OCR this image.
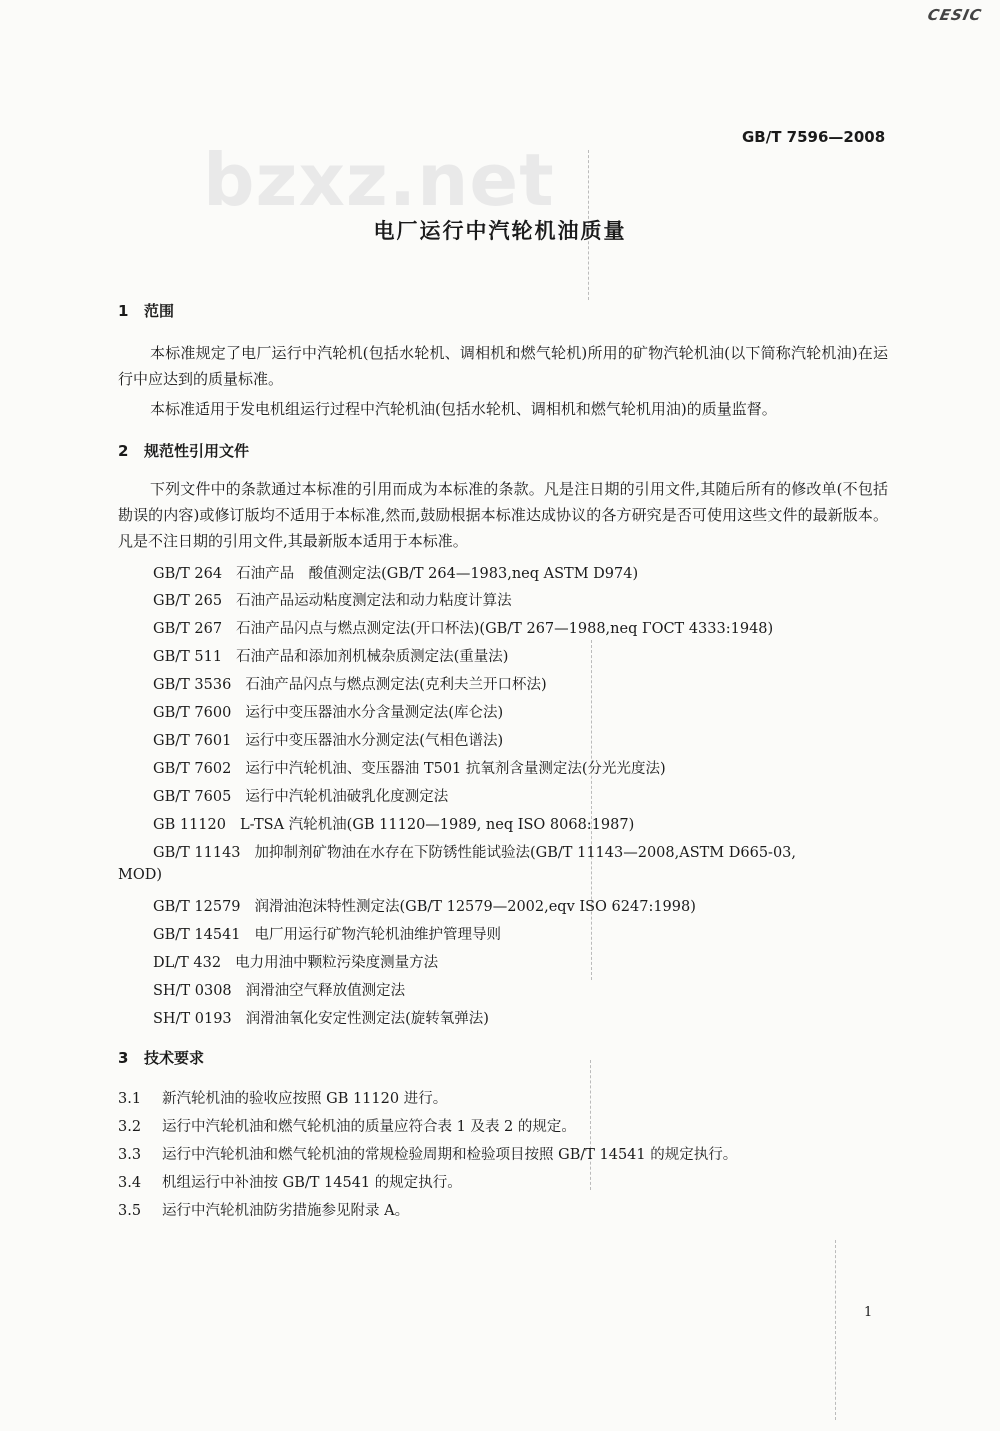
bzxz.net
CESIC
GB/T 7596—2008
电厂运行中汽轮机油质量
1 范围
本标准规定了电厂运行中汽轮机(包括水轮机、调相机和燃气轮机)所用的矿物汽轮机油(以下简称汽轮机油)在运行中应达到的质量标准。
本标准适用于发电机组运行过程中汽轮机油(包括水轮机、调相机和燃气轮机用油)的质量监督。
2 规范性引用文件
下列文件中的条款通过本标准的引用而成为本标准的条款。凡是注日期的引用文件,其随后所有的修改单(不包括勘误的内容)或修订版均不适用于本标准,然而,鼓励根据本标准达成协议的各方研究是否可使用这些文件的最新版本。凡是不注日期的引用文件,其最新版本适用于本标准。
GB/T 264 石油产品　酸值测定法(GB/T 264—1983,neq ASTM D974)
GB/T 265 石油产品运动粘度测定法和动力粘度计算法
GB/T 267 石油产品闪点与燃点测定法(开口杯法)(GB/T 267—1988,neq ГОСТ 4333:1948)
GB/T 511 石油产品和添加剂机械杂质测定法(重量法)
GB/T 3536 石油产品闪点与燃点测定法(克利夫兰开口杯法)
GB/T 7600 运行中变压器油水分含量测定法(库仑法)
GB/T 7601 运行中变压器油水分测定法(气相色谱法)
GB/T 7602 运行中汽轮机油、变压器油 T501 抗氧剂含量测定法(分光光度法)
GB/T 7605 运行中汽轮机油破乳化度测定法
GB 11120 L-TSA 汽轮机油(GB 11120—1989, neq ISO 8068:1987)
GB/T 11143 加抑制剂矿物油在水存在下防锈性能试验法(GB/T 11143—2008,ASTM D665-03,
MOD)
GB/T 12579 润滑油泡沫特性测定法(GB/T 12579—2002,eqv ISO 6247:1998)
GB/T 14541 电厂用运行矿物汽轮机油维护管理导则
DL/T 432 电力用油中颗粒污染度测量方法
SH/T 0308 润滑油空气释放值测定法
SH/T 0193 润滑油氧化安定性测定法(旋转氧弹法)
3 技术要求
3.1 新汽轮机油的验收应按照 GB 11120 进行。
3.2 运行中汽轮机油和燃气轮机油的质量应符合表 1 及表 2 的规定。
3.3 运行中汽轮机油和燃气轮机油的常规检验周期和检验项目按照 GB/T 14541 的规定执行。
3.4 机组运行中补油按 GB/T 14541 的规定执行。
3.5 运行中汽轮机油防劣措施参见附录 A。
1
